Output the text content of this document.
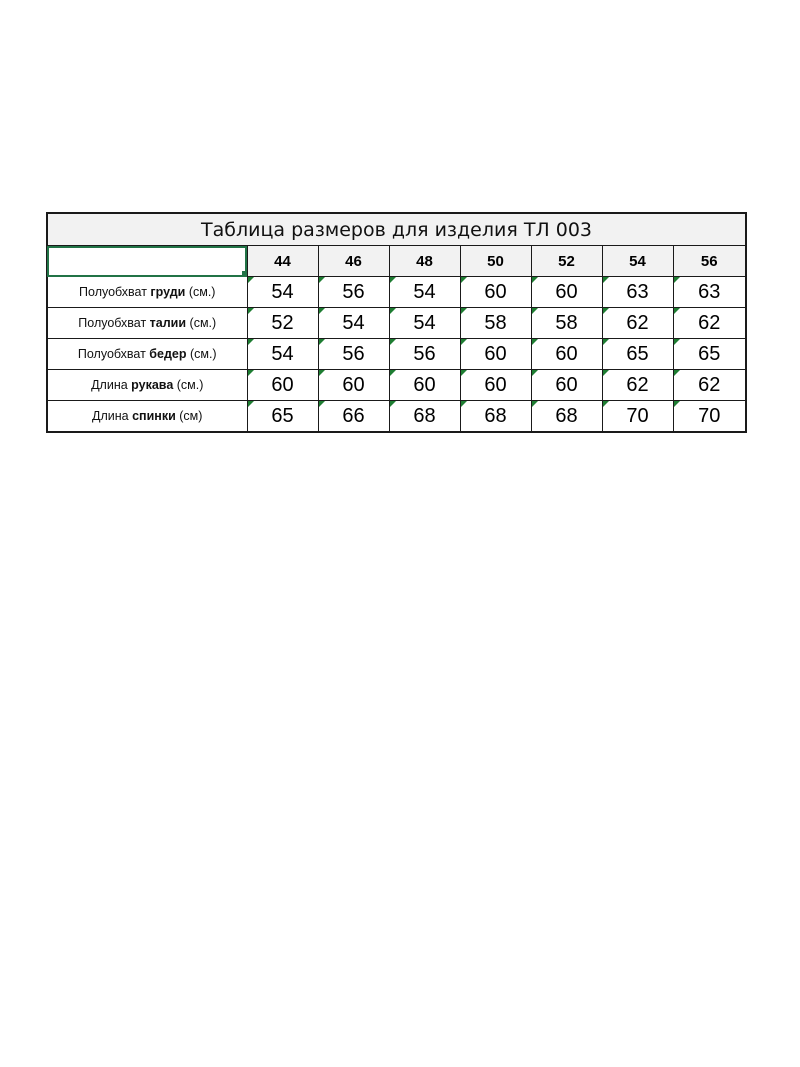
Таблица размеров для изделия ТЛ 003							

	44	46	48	50	52	54	56
Полуобхват груди (см.)	54	56	54	60	60	63	63
Полуобхват талии (см.)	52	54	54	58	58	62	62
Полуобхват бедер (см.)	54	56	56	60	60	65	65
Длина рукава (см.)	60	60	60	60	60	62	62
Длина спинки (см)	65	66	68	68	68	70	70
